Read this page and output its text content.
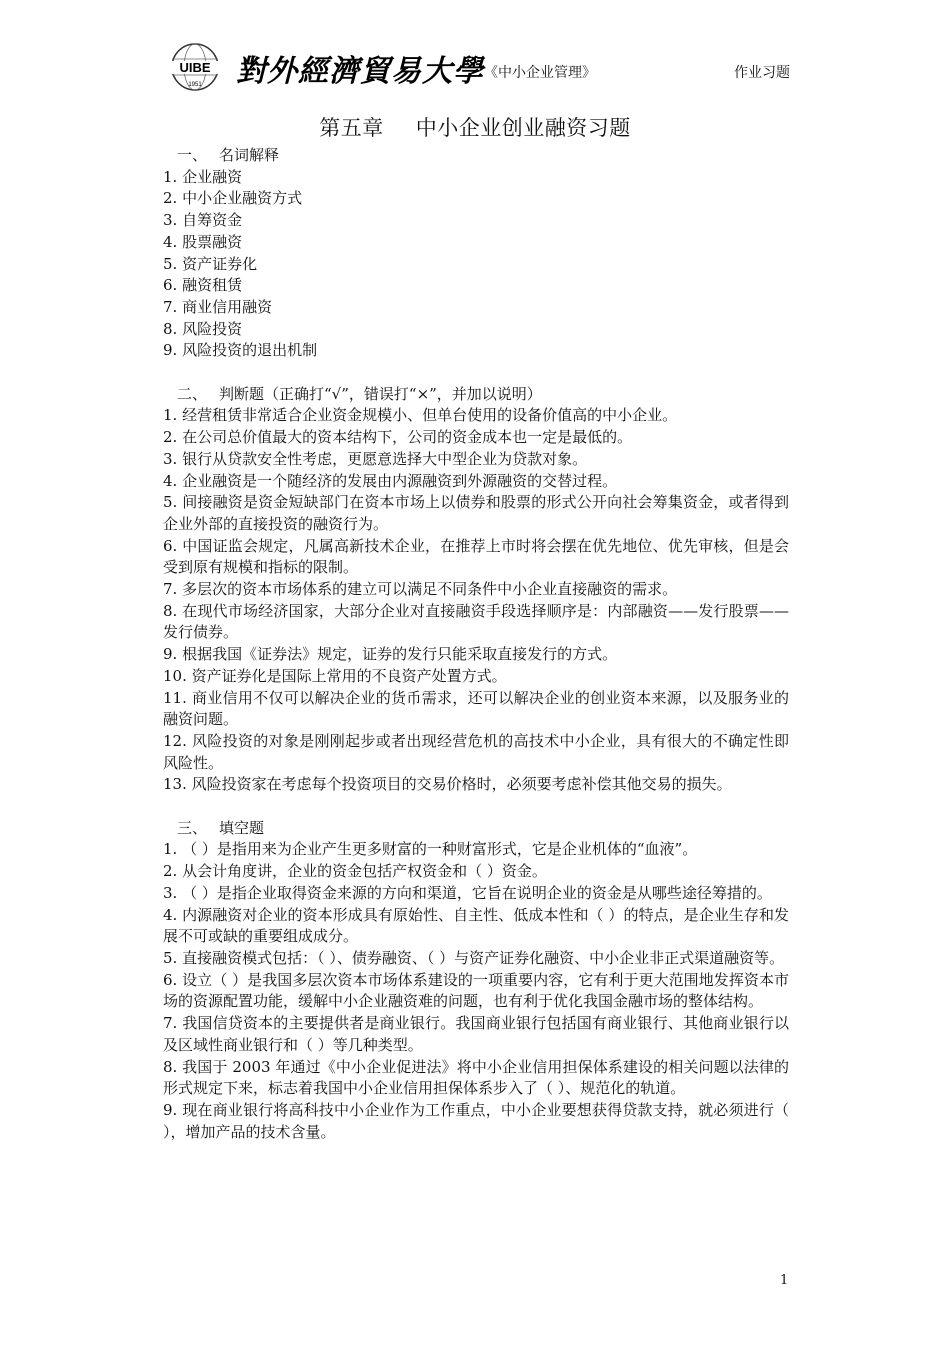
UIBE
1951 對外經濟貿易大學 《中小企业管理》	作业习题
第五章 中小企业创业融资习题
一、 名词解释
1. 企业融资
2. 中小企业融资方式
3. 自筹资金
4. 股票融资
5. 资产证券化
6. 融资租赁
7. 商业信用融资
8. 风险投资
9. 风险投资的退出机制
二、 判断题（正确打“√”，错误打“×”，并加以说明）
1. 经营租赁非常适合企业资金规模小、但单台使用的设备价值高的中小企业。
2. 在公司总价值最大的资本结构下，公司的资金成本也一定是最低的。
3. 银行从贷款安全性考虑，更愿意选择大中型企业为贷款对象。
4. 企业融资是一个随经济的发展由内源融资到外源融资的交替过程。
5. 间接融资是资金短缺部门在资本市场上以债券和股票的形式公开向社会筹集资金，或者得到企业外部的直接投资的融资行为。
6. 中国证监会规定，凡属高新技术企业，在推荐上市时将会摆在优先地位、优先审核，但是会受到原有规模和指标的限制。
7. 多层次的资本市场体系的建立可以满足不同条件中小企业直接融资的需求。
8. 在现代市场经济国家，大部分企业对直接融资手段选择顺序是：内部融资——发行股票——发行债券。
9. 根据我国《证券法》规定，证券的发行只能采取直接发行的方式。
10. 资产证券化是国际上常用的不良资产处置方式。
11. 商业信用不仅可以解决企业的货币需求，还可以解决企业的创业资本来源，以及服务业的融资问题。
12. 风险投资的对象是刚刚起步或者出现经营危机的高技术中小企业，具有很大的不确定性即风险性。
13. 风险投资家在考虑每个投资项目的交易价格时，必须要考虑补偿其他交易的损失。
三、 填空题
1. （ ）是指用来为企业产生更多财富的一种财富形式，它是企业机体的“血液”。
2. 从会计角度讲，企业的资金包括产权资金和（ ）资金。
3. （ ）是指企业取得资金来源的方向和渠道，它旨在说明企业的资金是从哪些途径筹措的。
4. 内源融资对企业的资本形成具有原始性、自主性、低成本性和（ ）的特点，是企业生存和发展不可或缺的重要组成成分。
5. 直接融资模式包括：（ ）、债券融资、（ ）与资产证券化融资、中小企业非正式渠道融资等。
6. 设立（ ）是我国多层次资本市场体系建设的一项重要内容，它有利于更大范围地发挥资本市场的资源配置功能，缓解中小企业融资难的问题，也有利于优化我国金融市场的整体结构。
7. 我国信贷资本的主要提供者是商业银行。我国商业银行包括国有商业银行、其他商业银行以及区域性商业银行和（ ）等几种类型。
8. 我国于 2003 年通过《中小企业促进法》将中小企业信用担保体系建设的相关问题以法律的形式规定下来，标志着我国中小企业信用担保体系步入了（ ）、规范化的轨道。
9. 现在商业银行将高科技中小企业作为工作重点，中小企业要想获得贷款支持，就必须进行（ ），增加产品的技术含量。
1
